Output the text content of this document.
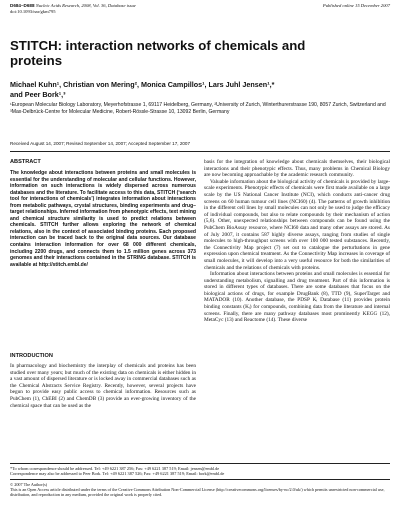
D684–D688 Nucleic Acids Research, 2008, Vol. 36, Database issue
doi:10.1093/nar/gkm795
Published online 15 December 2007
STITCH: interaction networks of chemicals and proteins
Michael Kuhn¹, Christian von Mering², Monica Campillos¹, Lars Juhl Jensen¹,*
and Peer Bork¹,³
¹European Molecular Biology Laboratory, Meyerhofstrasse 1, 69117 Heidelberg, Germany, ²University of Zurich, Winterthurerstrasse 190, 8057 Zurich, Switzerland and ³Max-Delbrück-Centre for Molecular Medicine, Robert-Rössle-Strasse 10, 13092 Berlin, Germany
Received August 14, 2007; Revised September 14, 2007; Accepted September 17, 2007
ABSTRACT
The knowledge about interactions between proteins and small molecules is essential for the understanding of molecular and cellular functions. However, information on such interactions is widely dispersed across numerous databases and the literature. To facilitate access to this data, STITCH (‘search tool for interactions of chemicals’) integrates information about interactions from metabolic pathways, crystal structures, binding experiments and drug–target relationships. Inferred information from phenotypic effects, text mining and chemical structure similarity is used to predict relations between chemicals. STITCH further allows exploring the network of chemical relations, also in the context of associated binding proteins. Each proposed interaction can be traced back to the original data sources. Our database contains interaction information for over 68 000 different chemicals, including 2200 drugs, and connects them to 1.5 million genes across 373 genomes and their interactions contained in the STRING database. STITCH is available at http://stitch.embl.de/
INTRODUCTION
In pharmacology and biochemistry the interplay of chemicals and proteins has been studied over many years; but much of the existing data on chemicals is either hidden in a vast amount of dispersed literature or is locked away in commercial databases such as the Chemical Abstracts Service Registry. Recently, however, several projects have begun to provide easy public access to chemical information. Resources such as PubChem (1), ChEBI (2) and ChemDB (3) provide an ever-growing inventory of the chemical space that can be used as the

basis for the integration of knowledge about chemicals themselves, their biological interactions and their phenotypic effects. Thus, many problems in Chemical Biology are now becoming approachable by the academic research community.

Valuable information about the biological activity of chemicals is provided by large-scale experiments. Phenotypic effects of chemicals were first made available on a large scale by the US National Cancer Institute (NCI), which conducts anti-cancer drug screens on 60 human tumour cell lines (NCI60) (4). The patterns of growth inhibition in the different cell lines by small molecules can not only be used to judge the efficacy of individual compounds, but also to relate compounds by their mechanism of action (5,6). Other, unexpected relationships between compounds can be found using the PubChem BioAssay resource, where NCI60 data and many other assays are stored. As of July 2007, it contains 587 highly diverse assays, ranging from studies of single molecules to high-throughput screens with over 100 000 tested substances. Recently, the Connectivity Map project (7) set out to catalogue the perturbations in gene expression upon chemical treatment. As the Connectivity Map increases in coverage of small molecules, it will develop into a very useful resource for both the similarities of chemicals and the relations of chemicals with proteins.

Information about interactions between proteins and small molecules is essential for understanding metabolism, signalling and drug treatment. Part of this information is stored in different types of databases. There are some databases that focus on the biological actions of drugs, for example DrugBank (8), TTD (9), SuperTarget and MATADOR (10). Another database, the PDSP Kᵢ Database (11) provides protein binding constants (Kᵢ) for compounds, combining data from the literature and internal screens. Finally, there are many pathway databases most prominently KEGG (12), MetaCyc (13) and Reactome (14). These diverse

*To whom correspondence should be addressed. Tel: +49 6221 387 256; Fax: +49 6221 387 519; Email: jensen@embl.de
Correspondence may also be addressed to Peer Bork. Tel: +49 6221 387 526; Fax: +49 6221 387 519; Email: bork@embl.de
© 2007 The Author(s)
This is an Open Access article distributed under the terms of the Creative Commons Attribution Non-Commercial License (http://creativecommons.org/licenses/by-nc/2.0/uk/) which permits unrestricted non-commercial use, distribution, and reproduction in any medium, provided the original work is properly cited.
